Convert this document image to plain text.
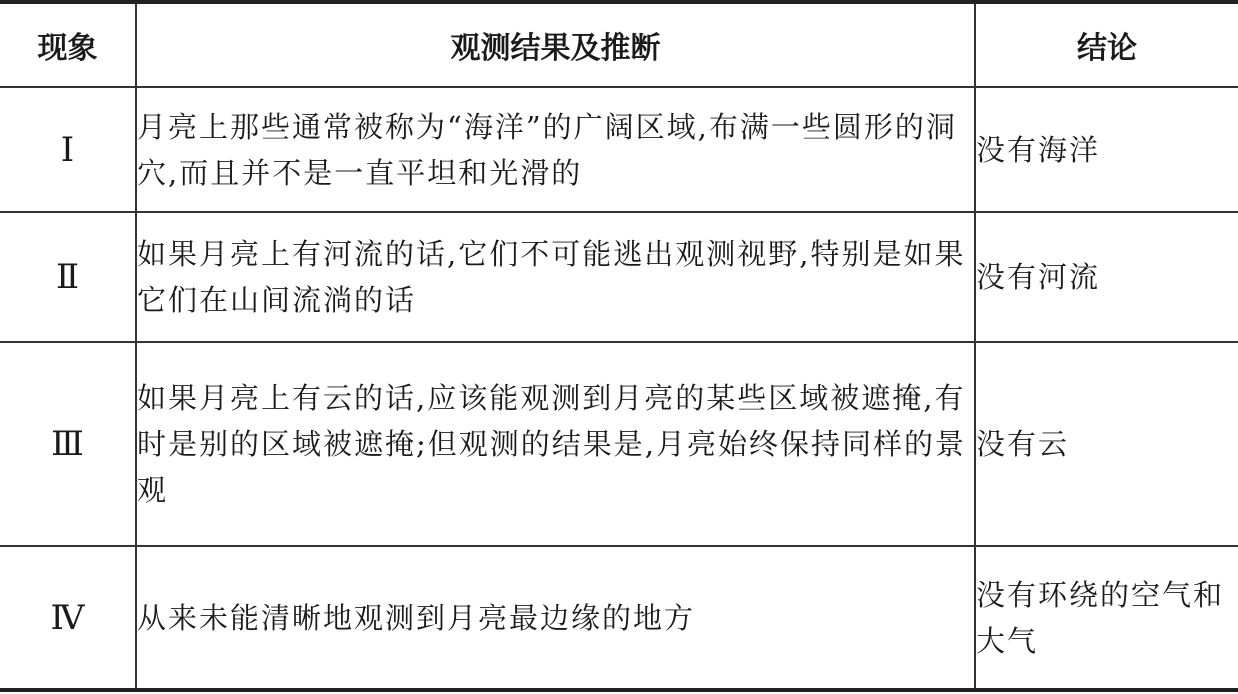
现象	观测结果及推断	结论
Ⅰ	月亮上那些通常被称为“海洋”的广阔区域,布满一些圆形的洞穴,而且并不是一直平坦和光滑的	没有海洋
Ⅱ	如果月亮上有河流的话,它们不可能逃出观测视野,特别是如果它们在山间流淌的话	没有河流
Ⅲ	如果月亮上有云的话,应该能观测到月亮的某些区域被遮掩,有时是别的区域被遮掩;但观测的结果是,月亮始终保持同样的景观	没有云
Ⅳ	从来未能清晰地观测到月亮最边缘的地方	没有环绕的空气和大气
